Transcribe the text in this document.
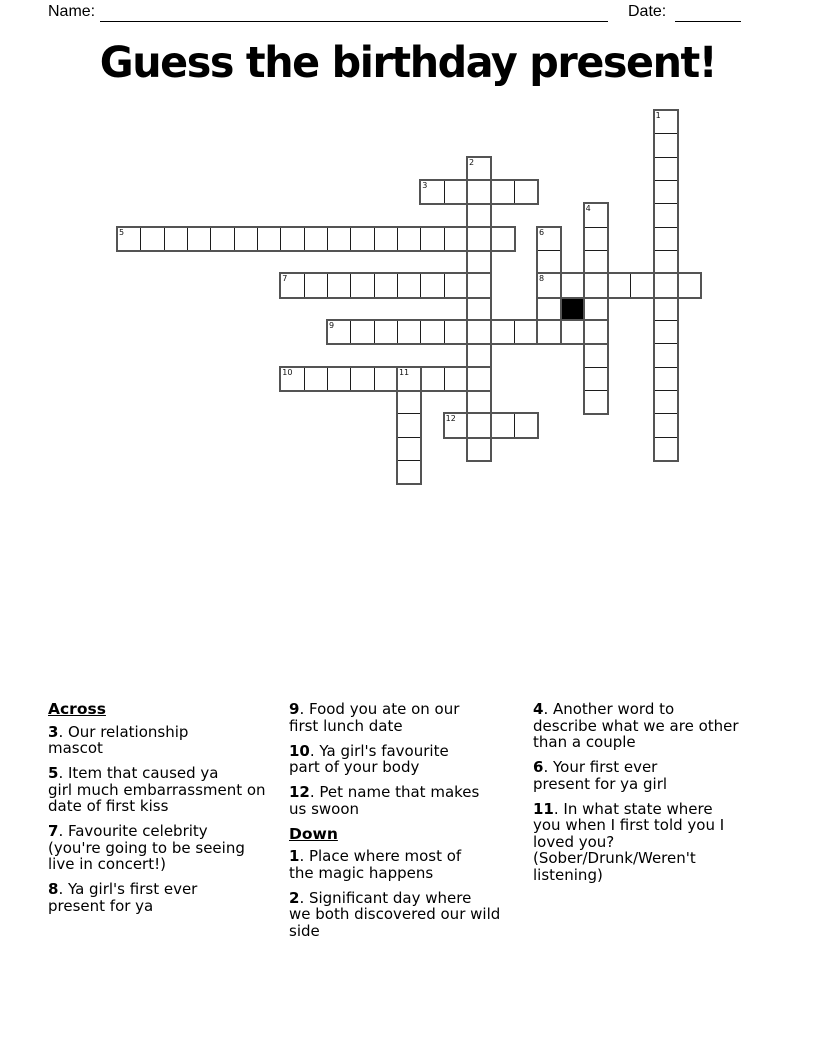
Name:	Date:
Guess the birthday present!
1
2
3
4
5	6
7	8
9
10	11
12
Across
3. Our relationship
mascot
5. Item that caused ya
girl much embarrassment on
date of first kiss
7. Favourite celebrity
(you're going to be seeing
live in concert!)
8. Ya girl's first ever
present for ya
9. Food you ate on our
first lunch date
10. Ya girl's favourite
part of your body
12. Pet name that makes
us swoon
Down
1. Place where most of
the magic happens
2. Significant day where
we both discovered our wild
side
4. Another word to
describe what we are other
than a couple
6. Your first ever
present for ya girl
11. In what state where
you when I first told you I
loved you?
(Sober/Drunk/Weren't
listening)
